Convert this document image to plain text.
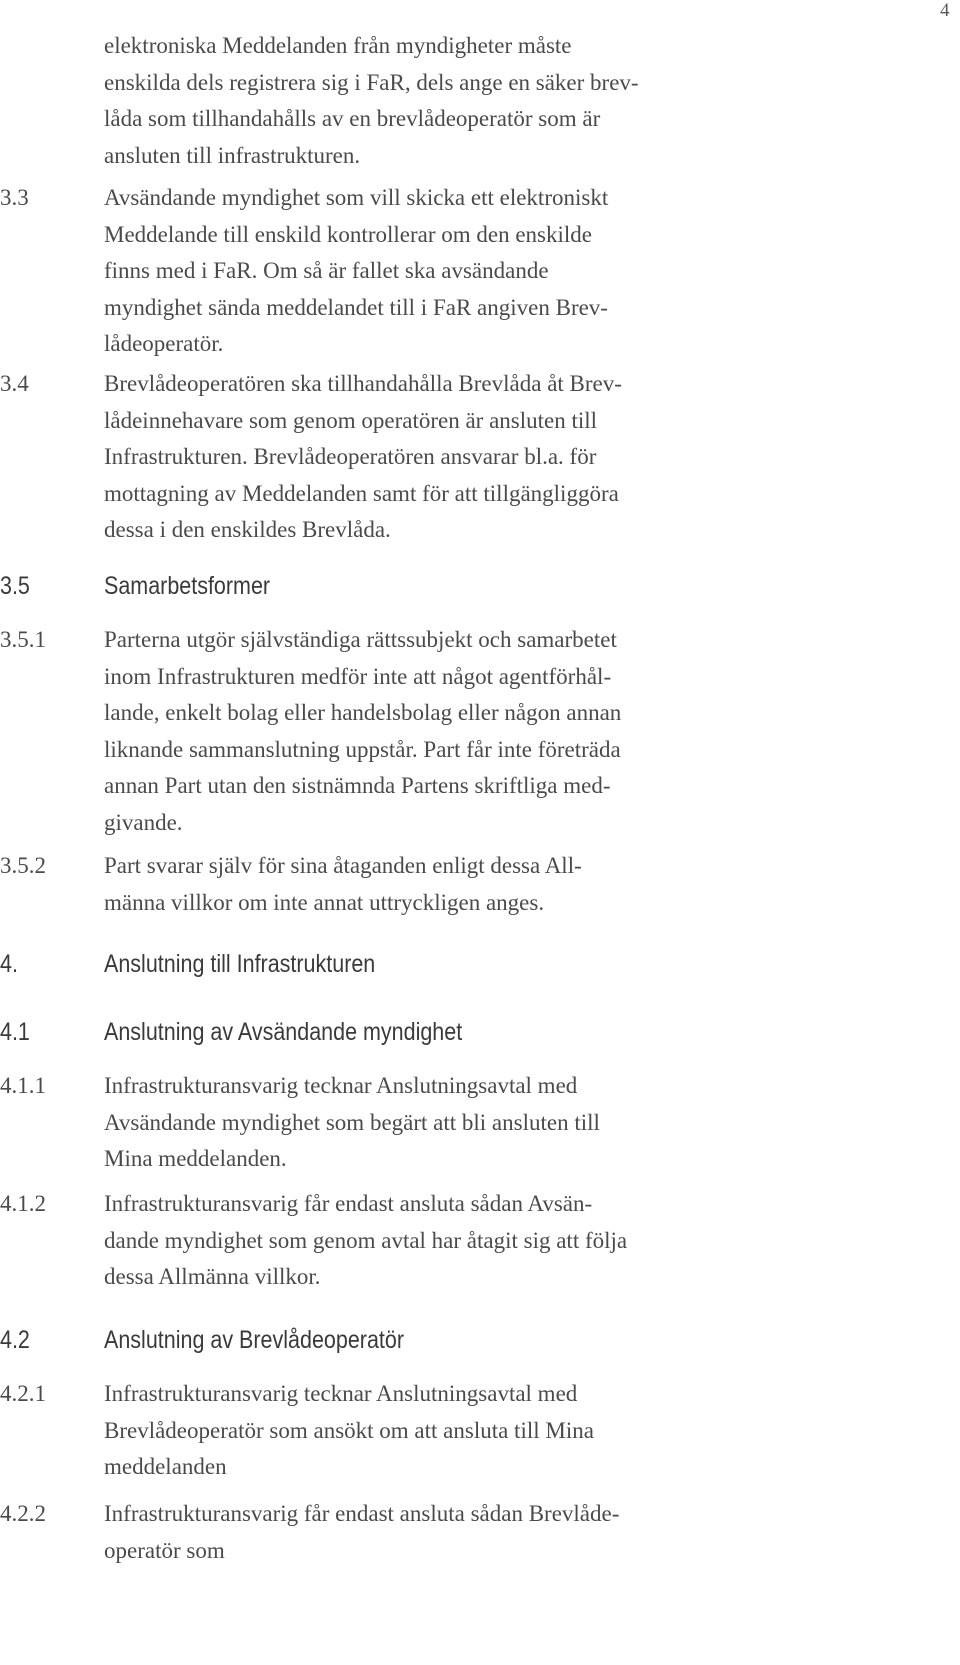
4
elektroniska Meddelanden från myndigheter måste
enskilda dels registrera sig i FaR, dels ange en säker brev-
låda som tillhandahålls av en brevlådeoperatör som är
ansluten till infrastrukturen.
3.3	Avsändande myndighet som vill skicka ett elektroniskt
Meddelande till enskild kontrollerar om den enskilde
finns med i FaR. Om så är fallet ska avsändande
myndighet sända meddelandet till i FaR angiven Brev-
lådeoperatör.
3.4	Brevlådeoperatören ska tillhandahålla Brevlåda åt Brev-
lådeinnehavare som genom operatören är ansluten till
Infrastrukturen. Brevlådeoperatören ansvarar bl.a. för
mottagning av Meddelanden samt för att tillgängliggöra
dessa i den enskildes Brevlåda.
3.5	Samarbetsformer
3.5.1	Parterna utgör självständiga rättssubjekt och samarbetet
inom Infrastrukturen medför inte att något agentförhål-
lande, enkelt bolag eller handelsbolag eller någon annan
liknande sammanslutning uppstår. Part får inte företräda
annan Part utan den sistnämnda Partens skriftliga med-
givande.
3.5.2	Part svarar själv för sina åtaganden enligt dessa All-
männa villkor om inte annat uttryckligen anges.
4.	Anslutning till Infrastrukturen
4.1	Anslutning av Avsändande myndighet
4.1.1	Infrastrukturansvarig tecknar Anslutningsavtal med
Avsändande myndighet som begärt att bli ansluten till
Mina meddelanden.
4.1.2	Infrastrukturansvarig får endast ansluta sådan Avsän-
dande myndighet som genom avtal har åtagit sig att följa
dessa Allmänna villkor.
4.2	Anslutning av Brevlådeoperatör
4.2.1	Infrastrukturansvarig tecknar Anslutningsavtal med
Brevlådeoperatör som ansökt om att ansluta till Mina
meddelanden
4.2.2	Infrastrukturansvarig får endast ansluta sådan Brevlåde-
operatör som
